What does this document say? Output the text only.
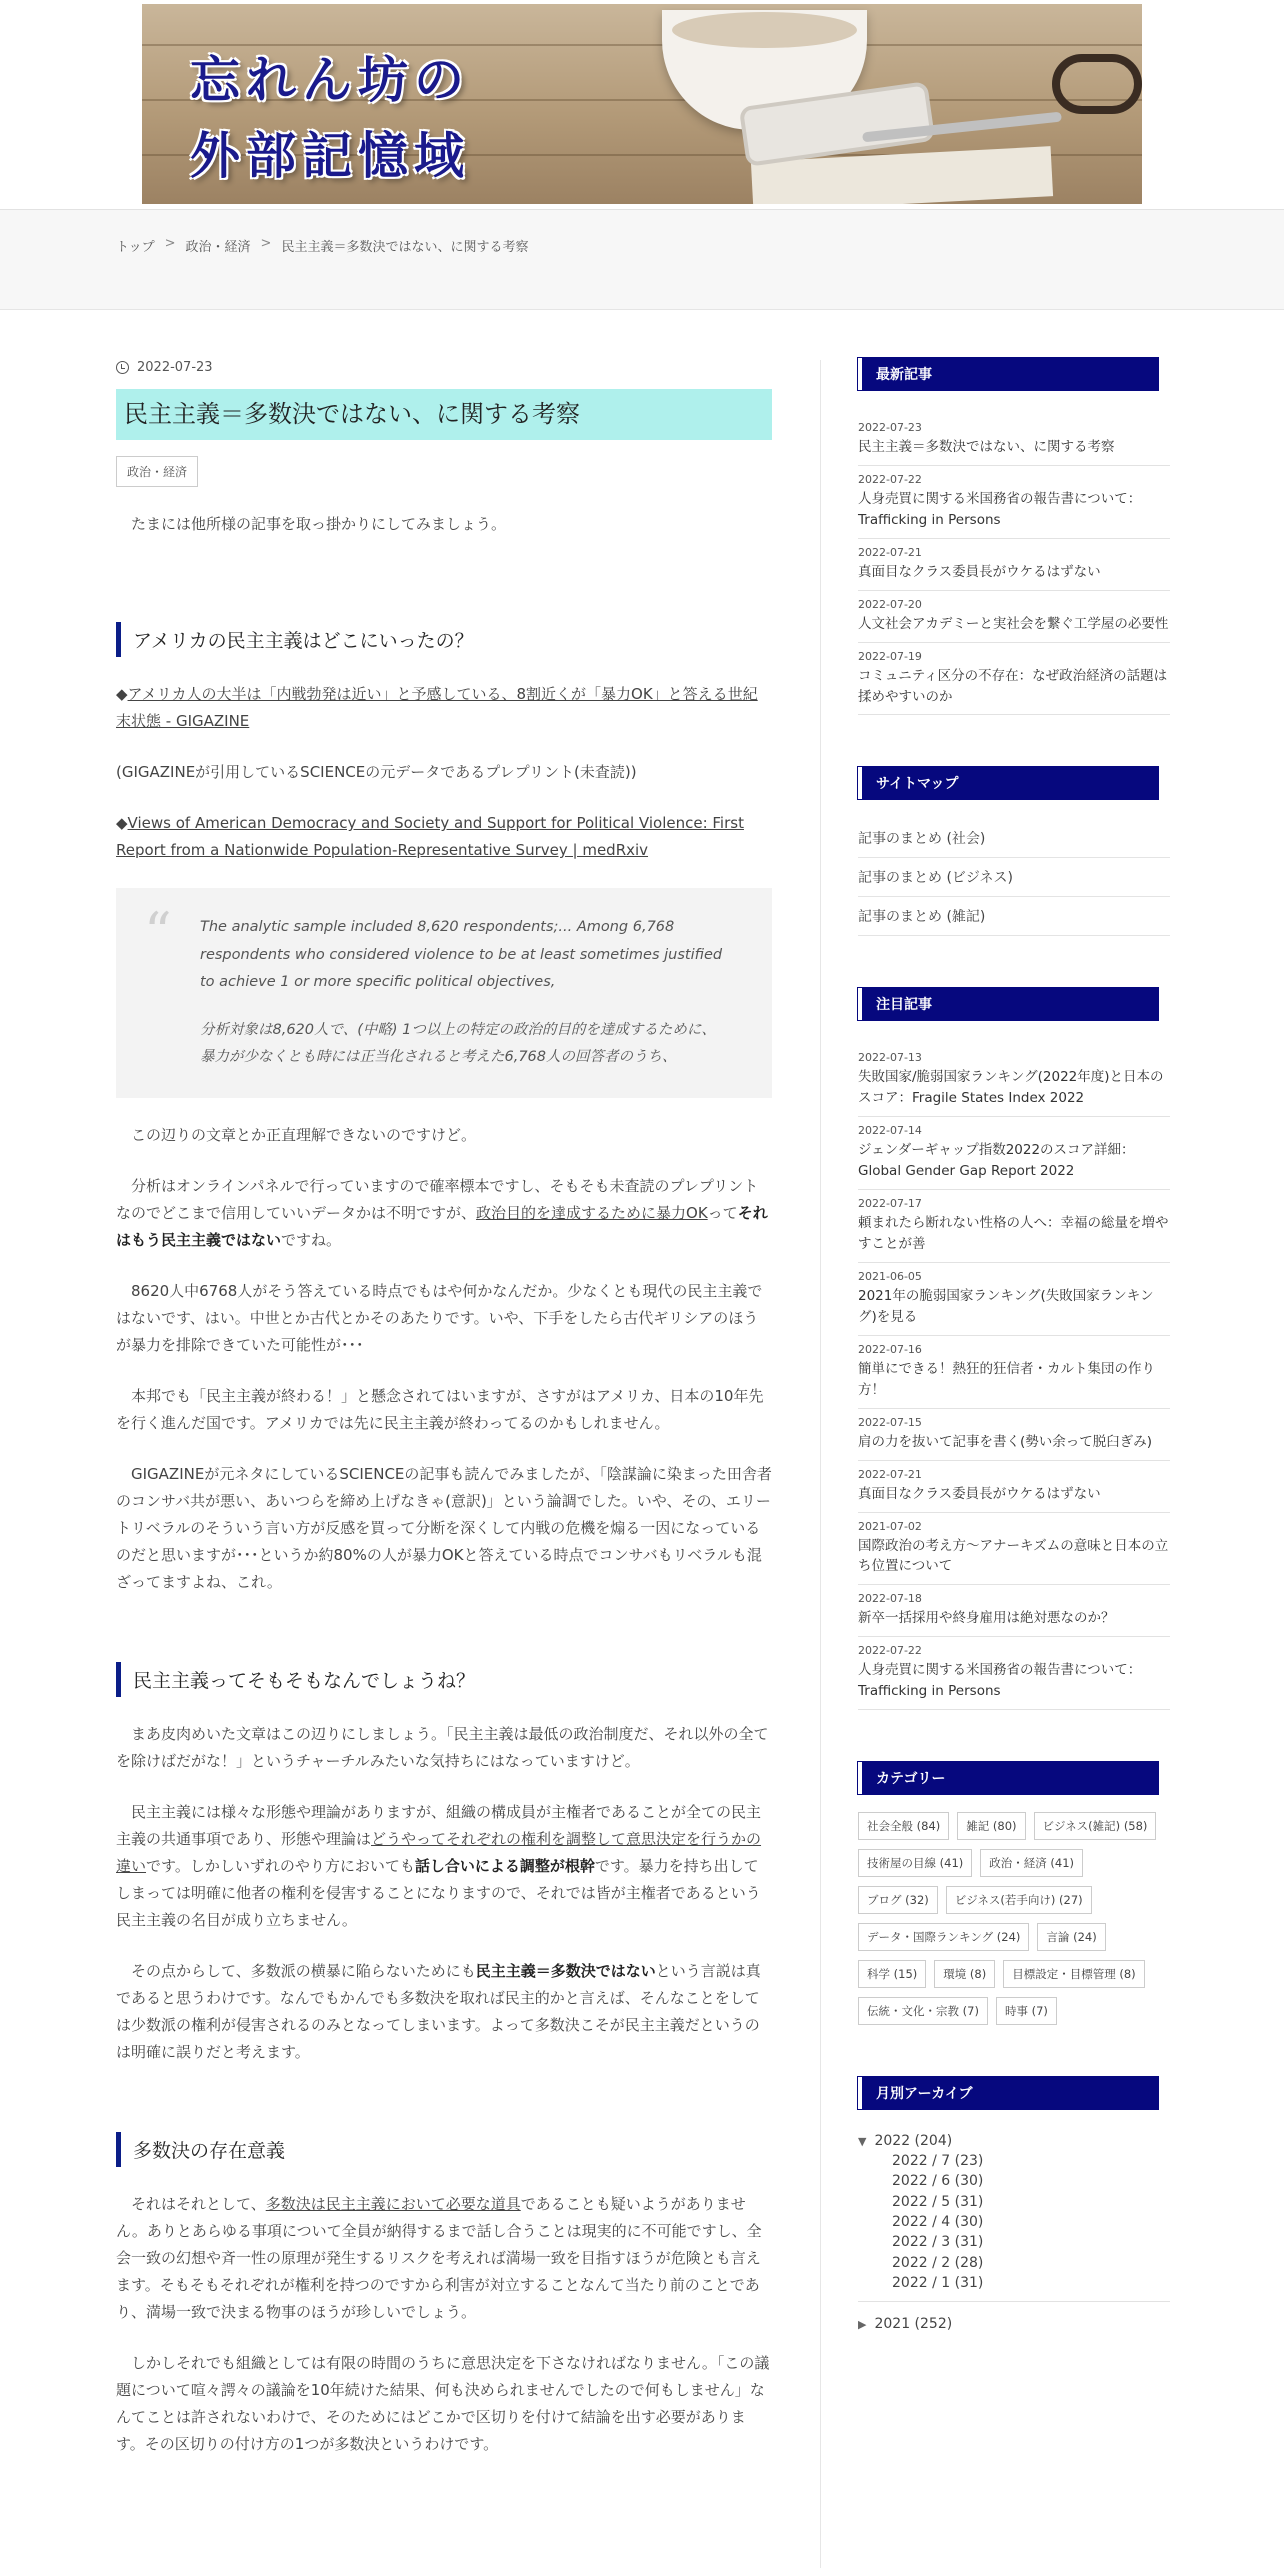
忘れん坊の
外部記憶域
トップ > 政治・経済 > 民主主義＝多数決ではない、に関する考察
2022-07-23
民主主義＝多数決ではない、に関する考察
政治・経済

たまには他所様の記事を取っ掛かりにしてみましょう。

アメリカの民主主義はどこにいったの？

◆アメリカ人の大半は「内戦勃発は近い」と予感している、8割近くが「暴力OK」と答える世紀末状態 - GIGAZINE

(GIGAZINEが引用しているSCIENCEの元データであるプレプリント(未査読))

◆Views of American Democracy and Society and Support for Political Violence: First Report from a Nationwide Population-Representative Survey | medRxiv

“ The analytic sample included 8,620 respondents;... Among 6,768 respondents who considered violence to be at least sometimes justified to achieve 1 or more specific political objectives,

分析対象は8,620人で、(中略) 1つ以上の特定の政治的目的を達成するために、暴力が少なくとも時には正当化されると考えた6,768人の回答者のうち、

この辺りの文章とか正直理解できないのですけど。

分析はオンラインパネルで行っていますので確率標本ですし、そもそも未査読のプレプリントなのでどこまで信用していいデータかは不明ですが、政治目的を達成するために暴力OKってそれはもう民主主義ではないですね。

8620人中6768人がそう答えている時点でもはや何かなんだか。少なくとも現代の民主主義ではないです、はい。中世とか古代とかそのあたりです。いや、下手をしたら古代ギリシアのほうが暴力を排除できていた可能性が･･･

本邦でも「民主主義が終わる！」と懸念されてはいますが、さすがはアメリカ、日本の10年先を行く進んだ国です。アメリカでは先に民主主義が終わってるのかもしれません。

GIGAZINEが元ネタにしているSCIENCEの記事も読んでみましたが、「陰謀論に染まった田舎者のコンサバ共が悪い、あいつらを締め上げなきゃ(意訳)」という論調でした。いや、その、エリートリベラルのそういう言い方が反感を買って分断を深くして内戦の危機を煽る一因になっているのだと思いますが･･･というか約80%の人が暴力OKと答えている時点でコンサバもリベラルも混ざってますよね、これ。

民主主義ってそもそもなんでしょうね？

まあ皮肉めいた文章はこの辺りにしましょう。「民主主義は最低の政治制度だ、それ以外の全てを除けばだがな！」というチャーチルみたいな気持ちにはなっていますけど。

民主主義には様々な形態や理論がありますが、組織の構成員が主権者であることが全ての民主主義の共通事項であり、形態や理論はどうやってそれぞれの権利を調整して意思決定を行うかの違いです。しかしいずれのやり方においても話し合いによる調整が根幹です。暴力を持ち出してしまっては明確に他者の権利を侵害することになりますので、それでは皆が主権者であるという民主主義の名目が成り立ちません。

その点からして、多数派の横暴に陥らないためにも民主主義＝多数決ではないという言説は真であると思うわけです。なんでもかんでも多数決を取れば民主的かと言えば、そんなことをしては少数派の権利が侵害されるのみとなってしまいます。よって多数決こそが民主主義だというのは明確に誤りだと考えます。

多数決の存在意義

それはそれとして、多数決は民主主義において必要な道具であることも疑いようがありません。ありとあらゆる事項について全員が納得するまで話し合うことは現実的に不可能ですし、全会一致の幻想や斉一性の原理が発生するリスクを考えれば満場一致を目指すほうが危険とも言えます。そもそもそれぞれが権利を持つのですから利害が対立することなんて当たり前のことであり、満場一致で決まる物事のほうが珍しいでしょう。

しかしそれでも組織としては有限の時間のうちに意思決定を下さなければなりません。「この議題について喧々諤々の議論を10年続けた結果、何も決められませんでしたので何もしません」なんてことは許されないわけで、そのためにはどこかで区切りを付けて結論を出す必要があります。その区切りの付け方の1つが多数決というわけです。

最新記事
2022-07-23
民主主義＝多数決ではない、に関する考察
2022-07-22
人身売買に関する米国務省の報告書について：Trafficking in Persons
2022-07-21
真面目なクラス委員長がウケるはずない
2022-07-20
人文社会アカデミーと実社会を繋ぐ工学屋の必要性
2022-07-19
コミュニティ区分の不存在：なぜ政治経済の話題は揉めやすいのか
サイトマップ
記事のまとめ (社会)
記事のまとめ (ビジネス)
記事のまとめ (雑記)
注目記事
2022-07-13
失敗国家/脆弱国家ランキング(2022年度)と日本のスコア：Fragile States Index 2022
2022-07-14
ジェンダーギャップ指数2022のスコア詳細：Global Gender Gap Report 2022
2022-07-17
頼まれたら断れない性格の人へ：幸福の総量を増やすことが善
2021-06-05
2021年の脆弱国家ランキング(失敗国家ランキング)を見る
2022-07-16
簡単にできる！熱狂的狂信者・カルト集団の作り方！
2022-07-15
肩の力を抜いて記事を書く(勢い余って脱臼ぎみ)
2022-07-21
真面目なクラス委員長がウケるはずない
2021-07-02
国際政治の考え方～アナーキズムの意味と日本の立ち位置について
2022-07-18
新卒一括採用や終身雇用は絶対悪なのか？
2022-07-22
人身売買に関する米国務省の報告書について：Trafficking in Persons
カテゴリー
社会全般 (84)	雑記 (80)	ビジネス(雑記) (58)
技術屋の目線 (41)	政治・経済 (41)
ブログ (32)	ビジネス(若手向け) (27)
データ・国際ランキング (24)	言論 (24)
科学 (15)	環境 (8)	目標設定・目標管理 (8)
伝統・文化・宗教 (7)	時事 (7)
月別アーカイブ
▼ 2022 (204)
2022 / 7 (23)
2022 / 6 (30)
2022 / 5 (31)
2022 / 4 (30)
2022 / 3 (31)
2022 / 2 (28)
2022 / 1 (31)
▶ 2021 (252)
